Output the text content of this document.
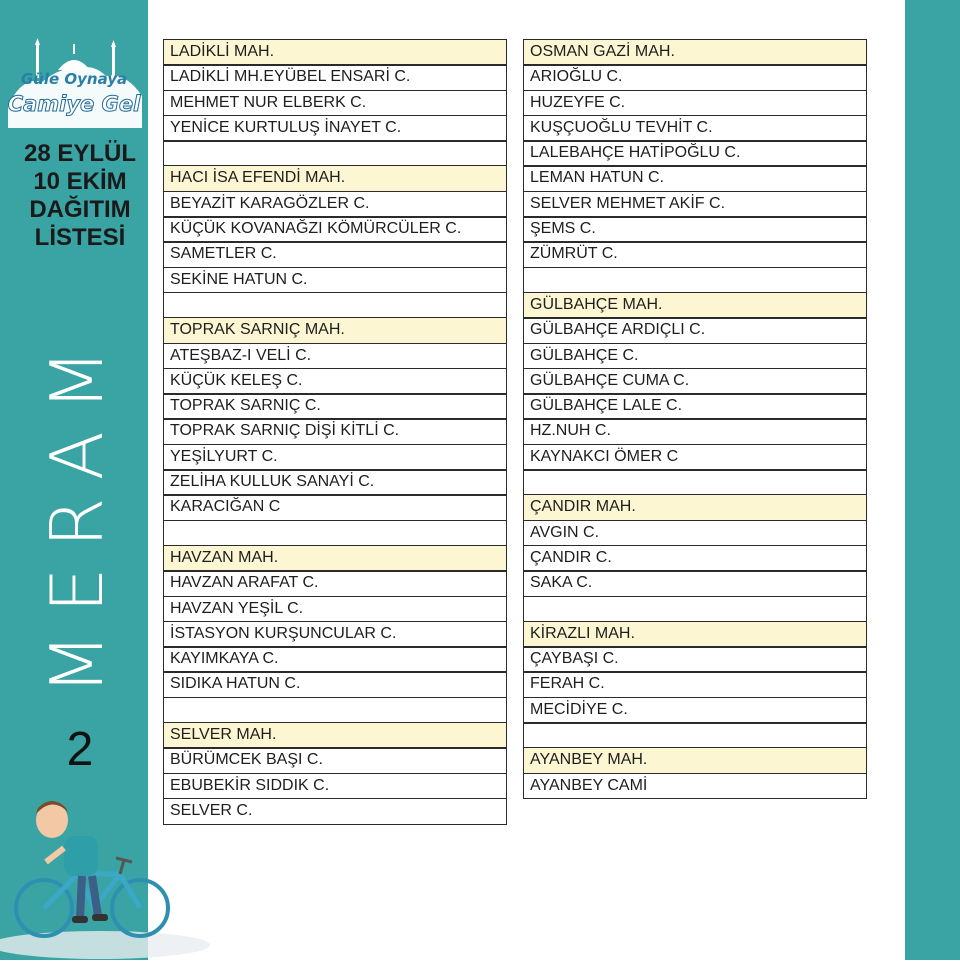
Güle Oynaya
Camiye Gel
28 EYLÜL
10 EKİM
DAĞITIM
LİSTESİ
MERAM
2
LADİKLİ MAH.
LADİKLİ MH.EYÜBEL ENSARİ C.
MEHMET NUR ELBERK C.
YENİCE KURTULUŞ İNAYET C.
HACI İSA EFENDİ MAH.
BEYAZİT KARAGÖZLER C.
KÜÇÜK KOVANAĞZI KÖMÜRCÜLER C.
SAMETLER C.
SEKİNE HATUN C.
TOPRAK SARNIÇ MAH.
ATEŞBAZ-I VELİ C.
KÜÇÜK KELEŞ C.
TOPRAK SARNIÇ C.
TOPRAK SARNIÇ DİŞİ KİTLİ C.
YEŞİLYURT C.
ZELİHA KULLUK SANAYİ C.
KARACIĞAN C
HAVZAN MAH.
HAVZAN ARAFAT C.
HAVZAN YEŞİL C.
İSTASYON KURŞUNCULAR C.
KAYIMKAYA C.
SIDIKA HATUN C.
SELVER MAH.
BÜRÜMCEK BAŞI C.
EBUBEKİR SIDDIK C.
SELVER C.
OSMAN GAZİ MAH.
ARIOĞLU C.
HUZEYFE C.
KUŞÇUOĞLU TEVHİT C.
LALEBAHÇE HATİPOĞLU C.
LEMAN HATUN C.
SELVER MEHMET AKİF C.
ŞEMS C.
ZÜMRÜT C.
GÜLBAHÇE MAH.
GÜLBAHÇE ARDIÇLI C.
GÜLBAHÇE C.
GÜLBAHÇE CUMA C.
GÜLBAHÇE LALE C.
HZ.NUH C.
KAYNAKCI ÖMER C
ÇANDIR MAH.
AVGIN C.
ÇANDIR C.
SAKA C.
KİRAZLI MAH.
ÇAYBAŞI C.
FERAH C.
MECİDİYE C.
AYANBEY MAH.
AYANBEY CAMİ
